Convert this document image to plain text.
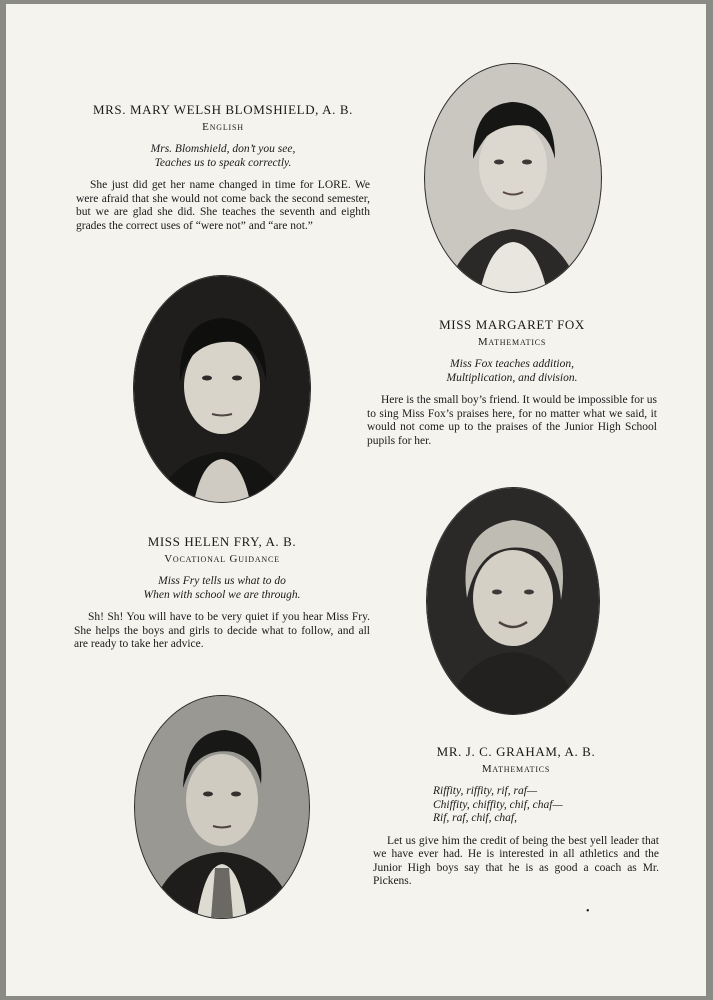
MRS. MARY WELSH BLOMSHIELD, A. B.
English

Mrs. Blomshield, don’t you see,
Teaches us to speak correctly.

She just did get her name changed in time for LORE. We were afraid that she would not come back the second semester, but we are glad she did. She teaches the seventh and eighth grades the correct uses of “were not” and “are not.”

MISS MARGARET FOX
Mathematics

Miss Fox teaches addition,
Multiplication, and division.

Here is the small boy’s friend. It would be impossible for us to sing Miss Fox’s praises here, for no matter what we said, it would not come up to the praises of the Junior High School pupils for her.

MISS HELEN FRY, A. B.
Vocational Guidance

Miss Fry tells us what to do
When with school we are through.

Sh! Sh! You will have to be very quiet if you hear Miss Fry. She helps the boys and girls to decide what to follow, and all are ready to take her advice.

MR. J. C. GRAHAM, A. B.
Mathematics

Riffity, riffity, rif, raf—
Chiffity, chiffity, chif, chaf—
Rif, raf, chif, chaf,

Let us give him the credit of being the best yell leader that we have ever had. He is interested in all athletics and the Junior High boys say that he is as good a coach as Mr. Pickens.

•
